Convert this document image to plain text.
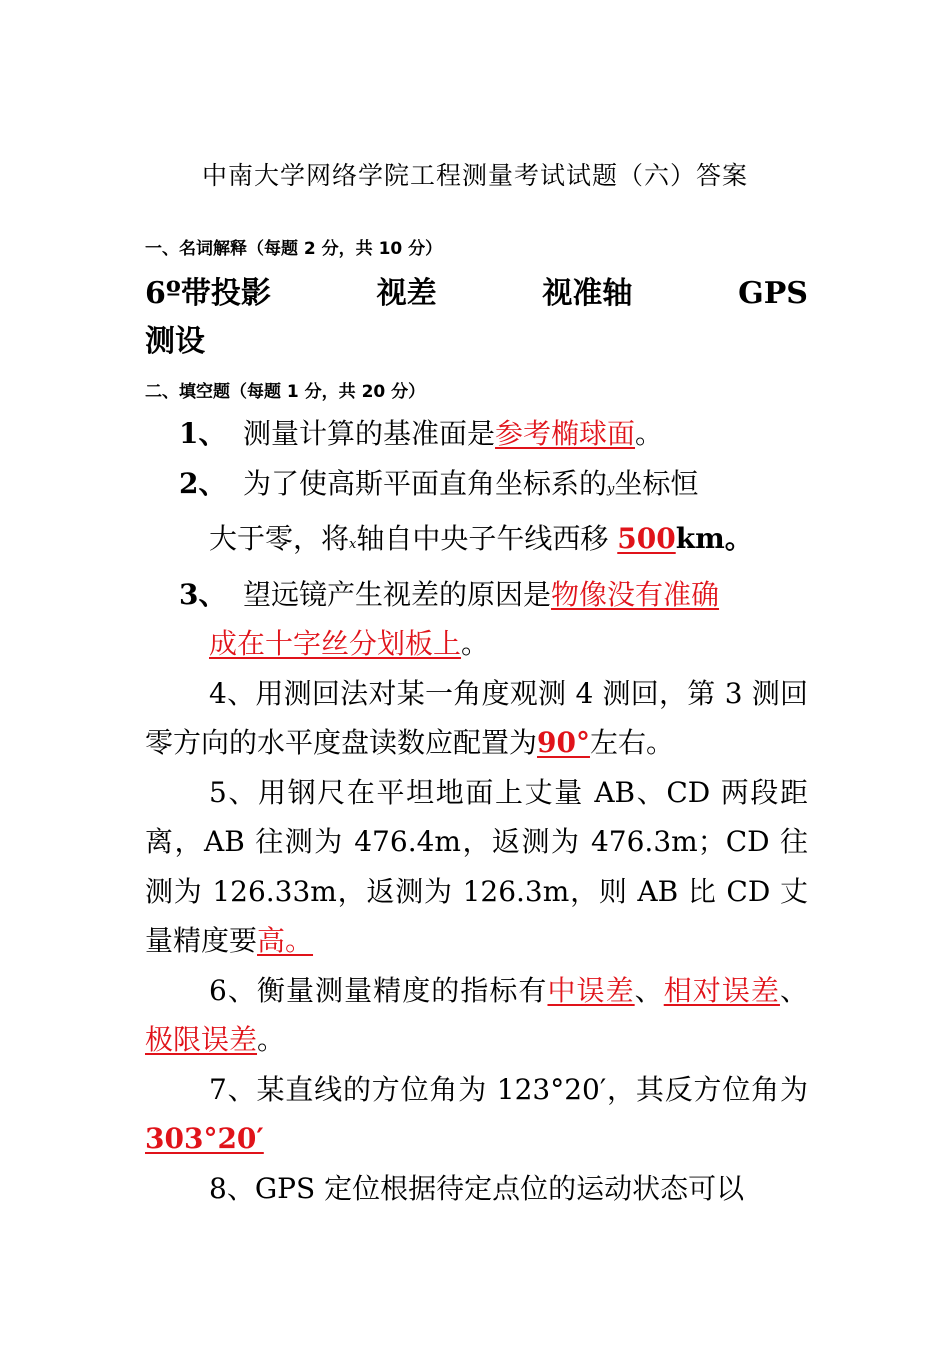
中南大学网络学院工程测量考试试题（六）答案
一、名词解释（每题 2 分，共 10 分）
6º带投影	视差	视准轴	GPS
测设
二、填空题（每题 1 分，共 20 分）

1、 测量计算的基准面是参考椭球面。

2、 为了使高斯平面直角坐标系的y坐标恒
大于零，将x轴自中央子午线西移 500km。

3、 望远镜产生视差的原因是物像没有准确
成在十字丝分划板上。

4、用测回法对某一角度观测 4 测回，第 3 测回零方向的水平度盘读数应配置为90°左右。

5、用钢尺在平坦地面上丈量 AB、CD 两段距离，AB 往测为 476.4m，返测为 476.3m；CD 往测为 126.33m，返测为 126.3m，则 AB 比 CD 丈量精度要高。

6、衡量测量精度的指标有中误差、相对误差、极限误差。

7、某直线的方位角为 123°20′，其反方位角为303°20′

8、GPS 定位根据待定点位的运动状态可以
